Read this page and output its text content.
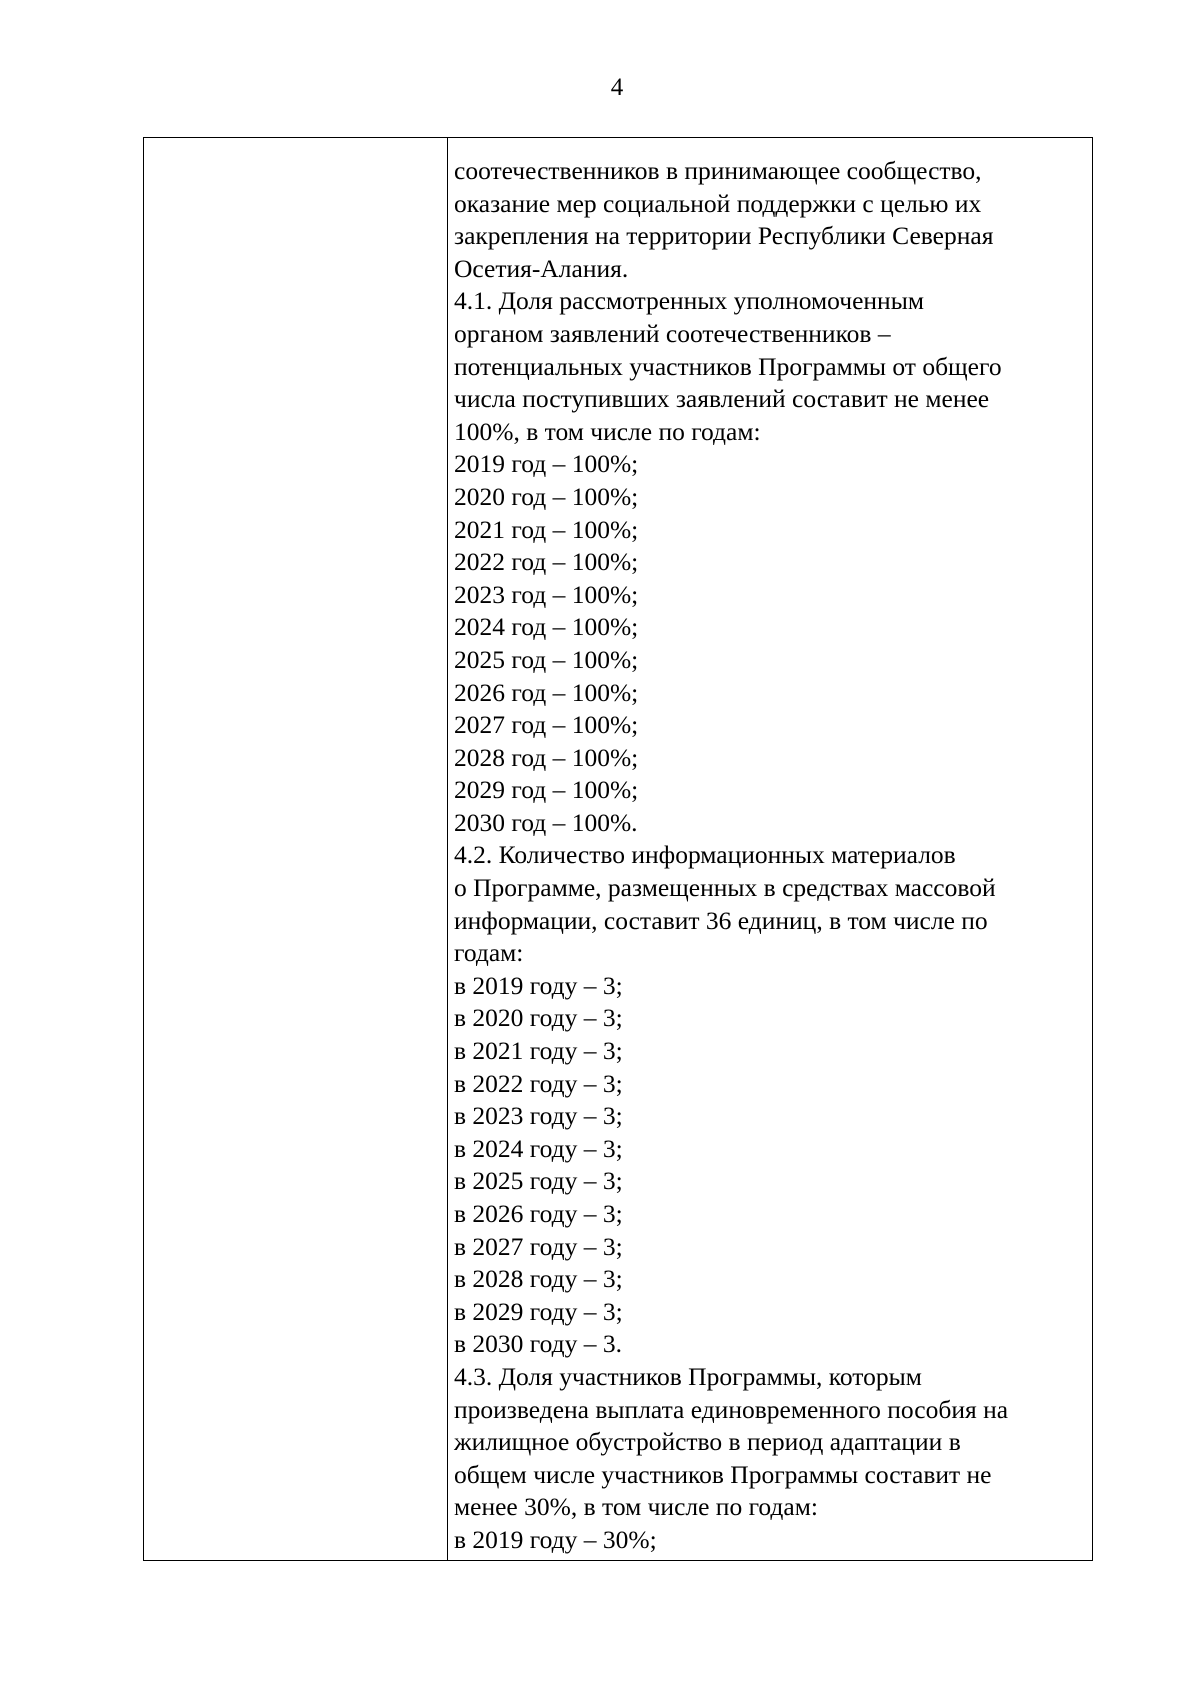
4

соотечественников в принимающее сообщество,

оказание мер социальной поддержки с целью их

закрепления на территории Республики Северная

Осетия-Алания.

4.1. Доля рассмотренных уполномоченным

органом заявлений соотечественников –

потенциальных участников Программы от общего

числа поступивших заявлений составит не менее

100%, в том числе по годам:

2019 год – 100%;

2020 год – 100%;

2021 год – 100%;

2022 год – 100%;

2023 год – 100%;

2024 год – 100%;

2025 год – 100%;

2026 год – 100%;

2027 год – 100%;

2028 год – 100%;

2029 год – 100%;

2030 год – 100%.

4.2. Количество информационных материалов

о Программе, размещенных в средствах массовой

информации, составит 36 единиц, в том числе по

годам:

в 2019 году – 3;

в 2020 году – 3;

в 2021 году – 3;

в 2022 году – 3;

в 2023 году – 3;

в 2024 году – 3;

в 2025 году – 3;

в 2026 году – 3;

в 2027 году – 3;

в 2028 году – 3;

в 2029 году – 3;

в 2030 году – 3.

4.3. Доля участников Программы, которым

произведена выплата единовременного пособия на

жилищное обустройство в период адаптации в

общем числе участников Программы составит не

менее 30%, в том числе по годам:

в 2019 году – 30%;
